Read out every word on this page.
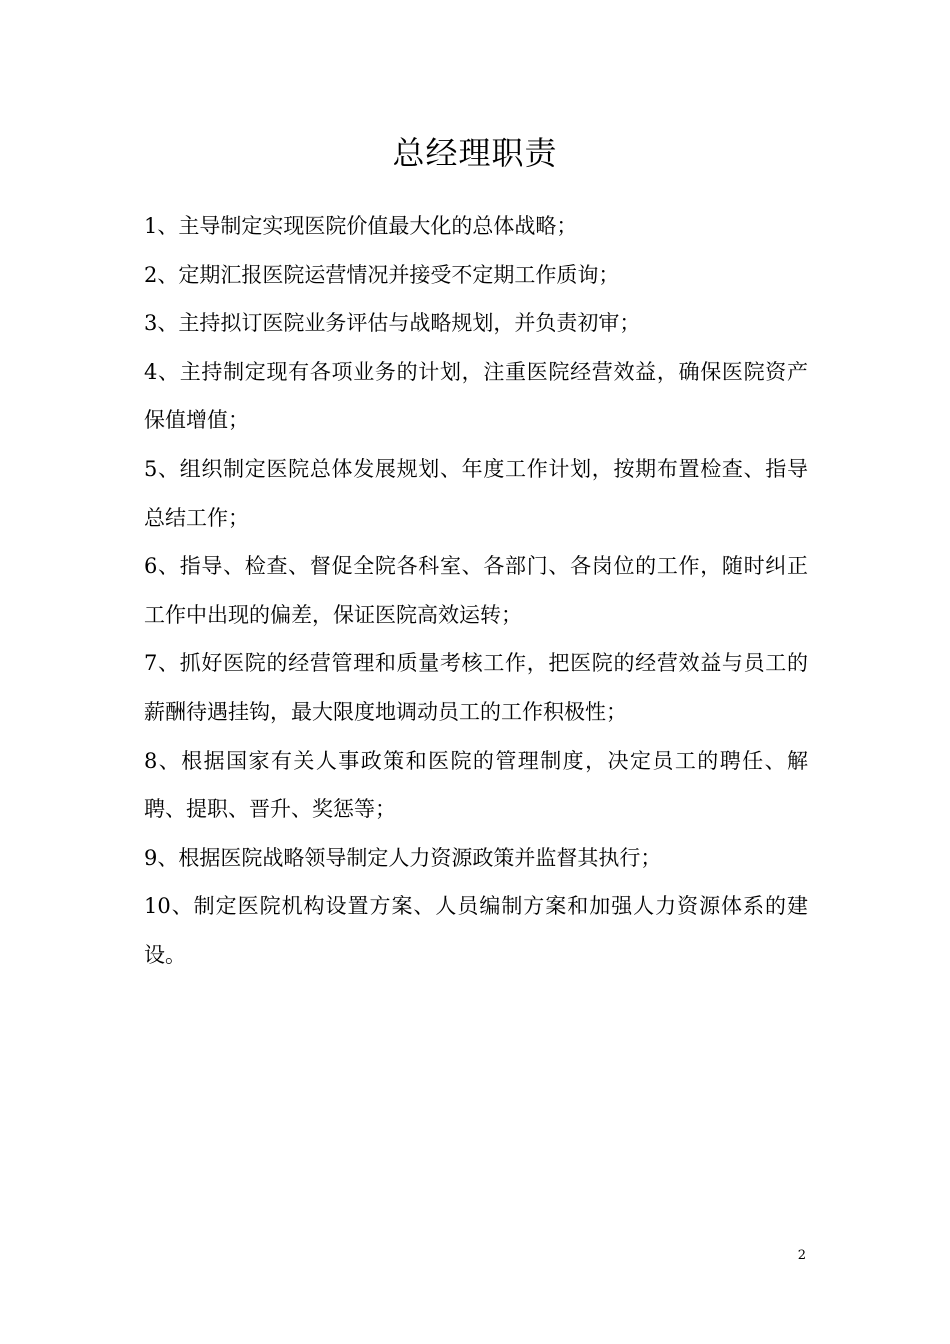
总经理职责

1、主导制定实现医院价值最大化的总体战略；

2、定期汇报医院运营情况并接受不定期工作质询；

3、主持拟订医院业务评估与战略规划，并负责初审；

4、主持制定现有各项业务的计划，注重医院经营效益，确保医院资产保值增值；

5、组织制定医院总体发展规划、年度工作计划，按期布置检查、指导总结工作；

6、指导、检查、督促全院各科室、各部门、各岗位的工作，随时纠正工作中出现的偏差，保证医院高效运转；

7、抓好医院的经营管理和质量考核工作，把医院的经营效益与员工的薪酬待遇挂钩，最大限度地调动员工的工作积极性；

8、根据国家有关人事政策和医院的管理制度，决定员工的聘任、解聘、提职、晋升、奖惩等；

9、根据医院战略领导制定人力资源政策并监督其执行；

10、制定医院机构设置方案、人员编制方案和加强人力资源体系的建设。

2
